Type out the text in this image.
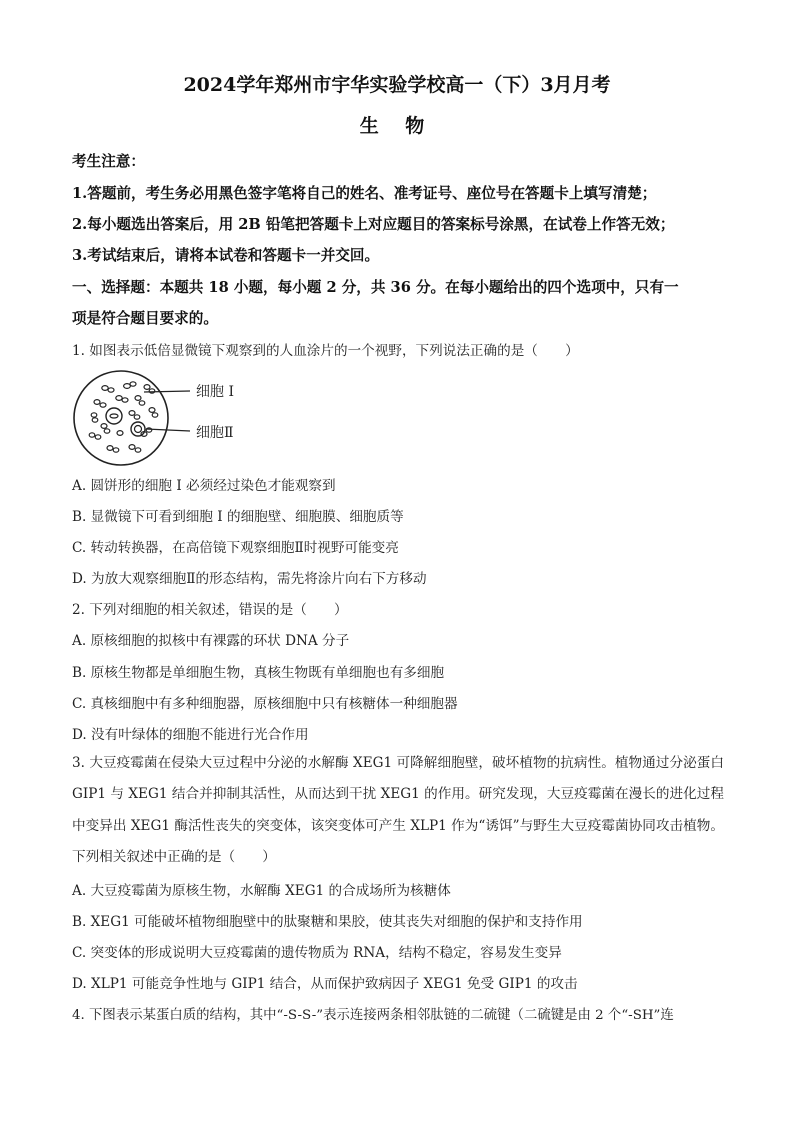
2024学年郑州市宇华实验学校高一（下）3月月考
生 物
考生注意：
1.答题前，考生务必用黑色签字笔将自己的姓名、准考证号、座位号在答题卡上填写清楚；
2.每小题选出答案后，用 2B 铅笔把答题卡上对应题目的答案标号涂黑，在试卷上作答无效；
3.考试结束后，请将本试卷和答题卡一并交回。
一、选择题：本题共 18 小题，每小题 2 分，共 36 分。在每小题给出的四个选项中，只有一
项是符合题目要求的。
1. 如图表示低倍显微镜下观察到的人血涂片的一个视野，下列说法正确的是（　　）
细胞 I
细胞Ⅱ
A. 圆饼形的细胞 I 必须经过染色才能观察到
B. 显微镜下可看到细胞 I 的细胞壁、细胞膜、细胞质等
C. 转动转换器，在高倍镜下观察细胞Ⅱ时视野可能变亮
D. 为放大观察细胞Ⅱ的形态结构，需先将涂片向右下方移动
2. 下列对细胞的相关叙述，错误的是（　　）
A. 原核细胞的拟核中有裸露的环状 DNA 分子
B. 原核生物都是单细胞生物，真核生物既有单细胞也有多细胞
C. 真核细胞中有多种细胞器，原核细胞中只有核糖体一种细胞器
D. 没有叶绿体的细胞不能进行光合作用
3. 大豆疫霉菌在侵染大豆过程中分泌的水解酶 XEG1 可降解细胞壁，破坏植物的抗病性。植物通过分泌蛋白 GIP1 与 XEG1 结合并抑制其活性，从而达到干扰 XEG1 的作用。研究发现，大豆疫霉菌在漫长的进化过程中变异出 XEG1 酶活性丧失的突变体，该突变体可产生 XLP1 作为“诱饵”与野生大豆疫霉菌协同攻击植物。下列相关叙述中正确的是（　　）
A. 大豆疫霉菌为原核生物，水解酶 XEG1 的合成场所为核糖体
B. XEG1 可能破坏植物细胞壁中的肽聚糖和果胶，使其丧失对细胞的保护和支持作用
C. 突变体的形成说明大豆疫霉菌的遗传物质为 RNA，结构不稳定，容易发生变异
D. XLP1 可能竞争性地与 GIP1 结合，从而保护致病因子 XEG1 免受 GIP1 的攻击
4. 下图表示某蛋白质的结构，其中“-S-S-”表示连接两条相邻肽链的二硫键（二硫键是由 2 个“-SH”连
